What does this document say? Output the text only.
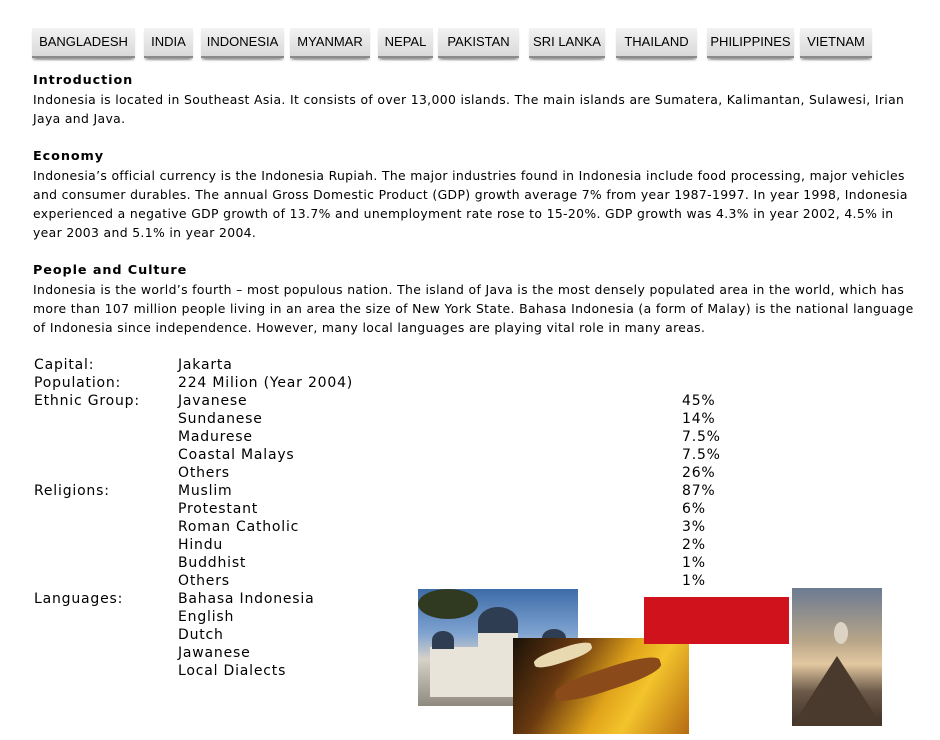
BANGLADESH	INDIA	INDONESIA	MYANMAR	NEPAL	PAKISTAN	SRI LANKA	THAILAND	PHILIPPINES	VIETNAM
Introduction

Indonesia is located in Southeast Asia. It consists of over 13,000 islands. The main islands are Sumatera, Kalimantan, Sulawesi, Irian Jaya and Java.

Economy

Indonesia’s official currency is the Indonesia Rupiah. The major industries found in Indonesia include food processing, major vehicles and consumer durables. The annual Gross Domestic Product (GDP) growth average 7% from year 1987-1997. In year 1998, Indonesia experienced a negative GDP growth of 13.7% and unemployment rate rose to 15-20%. GDP growth was 4.3% in year 2002, 4.5% in year 2003 and 5.1% in year 2004.

People and Culture

Indonesia is the world’s fourth – most populous nation. The island of Java is the most densely populated area in the world, which has more than 107 million people living in an area the size of New York State. Bahasa Indonesia (a form of Malay) is the national language of Indonesia since independence. However, many local languages are playing vital role in many areas.

Capital:	Jakarta
Population:	224 Milion (Year 2004)
Ethnic Group:	Javanese	45%
Sundanese	14%
Madurese	7.5%
Coastal Malays	7.5%
Others	26%
Religions:	Muslim	87%
Protestant	6%
Roman Catholic	3%
Hindu	2%
Buddhist	1%
Others	1%
Languages:	Bahasa Indonesia
English
Dutch
Jawanese
Local Dialects
